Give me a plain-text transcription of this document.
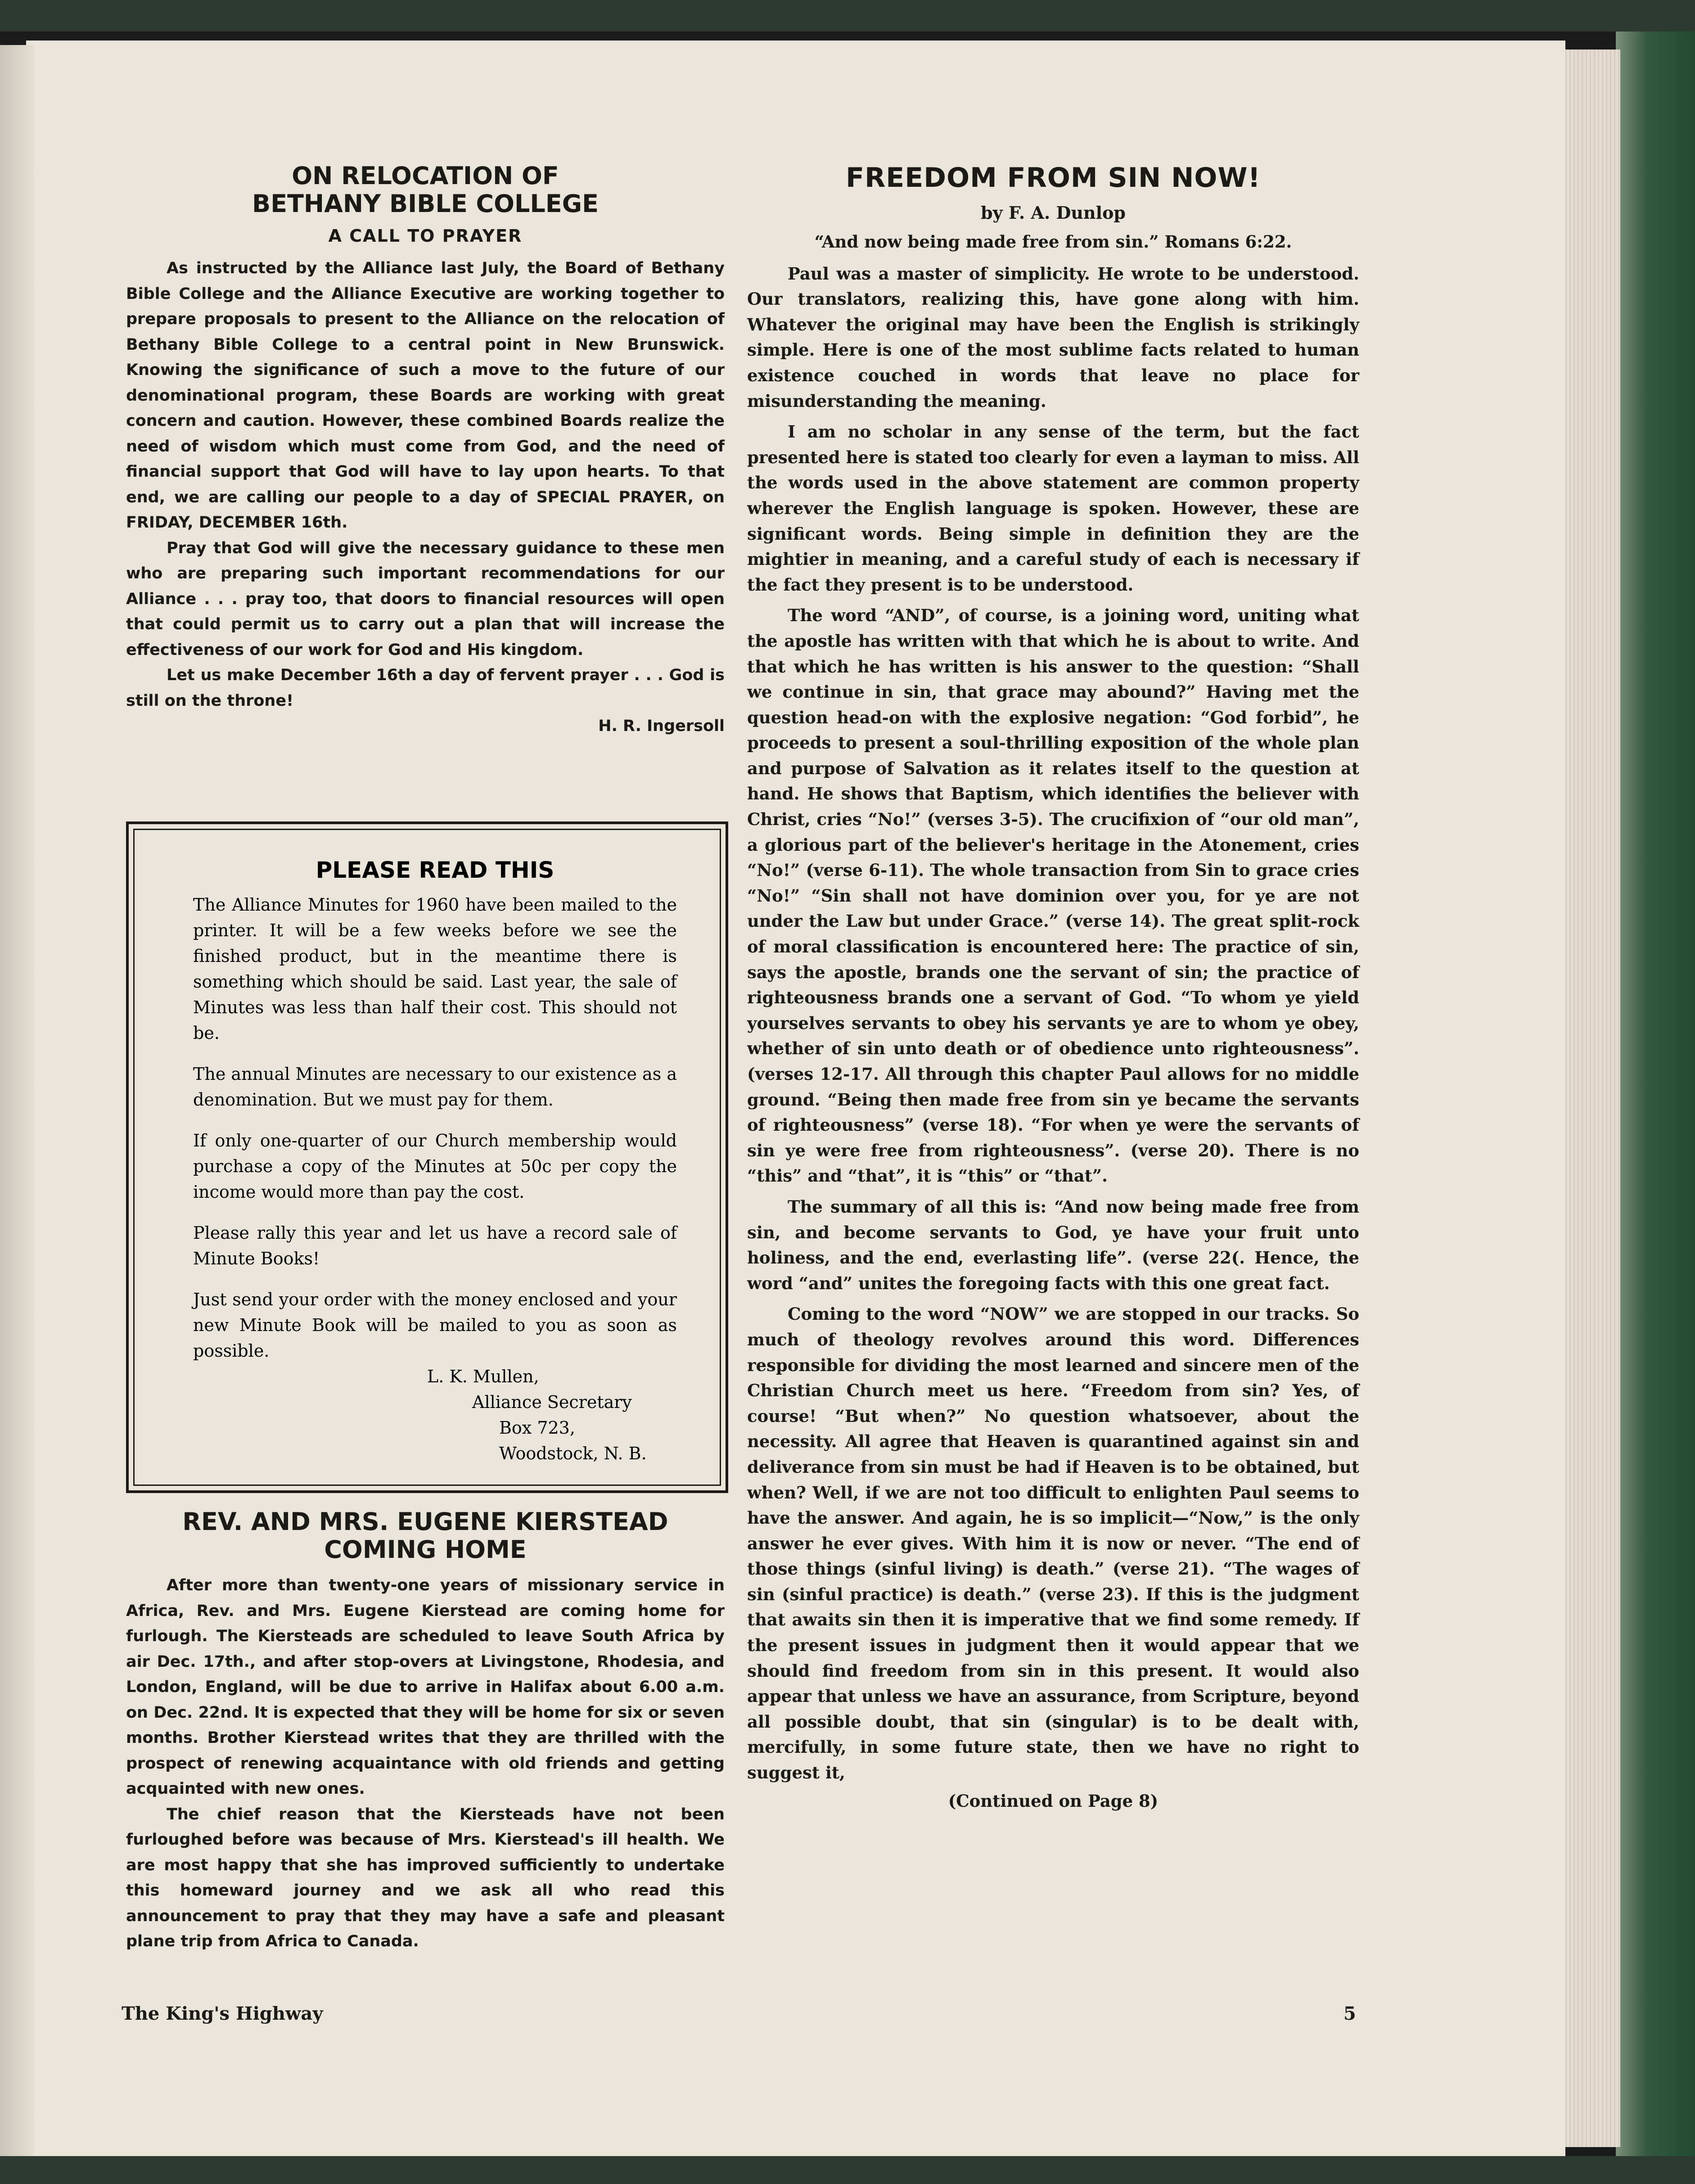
ON RELOCATION OF

BETHANY BIBLE COLLEGE

A CALL TO PRAYER

As instructed by the Alliance last July, the Board of Bethany Bible College and the Alliance Executive are working together to prepare proposals to present to the Alliance on the relocation of Bethany Bible College to a central point in New Brunswick. Knowing the significance of such a move to the future of our denominational program, these Boards are working with great concern and caution. However, these combined Boards realize the need of wisdom which must come from God, and the need of financial support that God will have to lay upon hearts. To that end, we are calling our people to a day of SPECIAL PRAYER, on FRIDAY, DECEMBER 16th.

Pray that God will give the necessary guidance to these men who are preparing such important recommendations for our Alliance . . . pray too, that doors to financial resources will open that could permit us to carry out a plan that will increase the effectiveness of our work for God and His kingdom.

Let us make December 16th a day of fervent prayer . . . God is still on the throne!

H. R. Ingersoll

PLEASE READ THIS

The Alliance Minutes for 1960 have been mailed to the printer. It will be a few weeks before we see the finished product, but in the meantime there is something which should be said. Last year, the sale of Minutes was less than half their cost. This should not be.

The annual Minutes are necessary to our existence as a denomination. But we must pay for them.

If only one-quarter of our Church membership would purchase a copy of the Minutes at 50c per copy the income would more than pay the cost.

Please rally this year and let us have a record sale of Minute Books!

Just send your order with the money enclosed and your new Minute Book will be mailed to you as soon as possible.

L. K. Mullen,

Alliance Secretary

Box 723, Woodstock, N. B.

REV. AND MRS. EUGENE KIERSTEAD

COMING HOME

After more than twenty-one years of missionary service in Africa, Rev. and Mrs. Eugene Kierstead are coming home for furlough. The Kiersteads are scheduled to leave South Africa by air Dec. 17th., and after stop-overs at Livingstone, Rhodesia, and London, England, will be due to arrive in Halifax about 6.00 a.m. on Dec. 22nd. It is expected that they will be home for six or seven months. Brother Kierstead writes that they are thrilled with the prospect of renewing acquaintance with old friends and getting acquainted with new ones.

The chief reason that the Kiersteads have not been furloughed before was because of Mrs. Kierstead's ill health. We are most happy that she has improved sufficiently to undertake this homeward journey and we ask all who read this announcement to pray that they may have a safe and pleasant plane trip from Africa to Canada.

FREEDOM FROM SIN NOW!

by F. A. Dunlop

“And now being made free from sin.” Romans 6:22.

Paul was a master of simplicity. He wrote to be understood. Our translators, realizing this, have gone along with him. Whatever the original may have been the English is strikingly simple. Here is one of the most sublime facts related to human existence couched in words that leave no place for misunderstanding the meaning.

I am no scholar in any sense of the term, but the fact presented here is stated too clearly for even a layman to miss. All the words used in the above statement are common property wherever the English language is spoken. However, these are significant words. Being simple in definition they are the mightier in meaning, and a careful study of each is necessary if the fact they present is to be understood.

The word “AND”, of course, is a joining word, uniting what the apostle has written with that which he is about to write. And that which he has written is his answer to the question: “Shall we continue in sin, that grace may abound?” Having met the question head-on with the explosive negation: “God forbid”, he proceeds to present a soul-thrilling exposition of the whole plan and purpose of Salvation as it relates itself to the question at hand. He shows that Baptism, which identifies the believer with Christ, cries “No!” (verses 3-5). The crucifixion of “our old man”, a glorious part of the believer's heritage in the Atonement, cries “No!” (verse 6-11). The whole transaction from Sin to grace cries “No!” “Sin shall not have dominion over you, for ye are not under the Law but under Grace.” (verse 14). The great split-rock of moral classification is encountered here: The practice of sin, says the apostle, brands one the servant of sin; the practice of righteousness brands one a servant of God. “To whom ye yield yourselves servants to obey his servants ye are to whom ye obey, whether of sin unto death or of obedience unto righteousness”. (verses 12-17. All through this chapter Paul allows for no middle ground. “Being then made free from sin ye became the servants of righteousness” (verse 18). “For when ye were the servants of sin ye were free from righteousness”. (verse 20). There is no “this” and “that”, it is “this” or “that”.

The summary of all this is: “And now being made free from sin, and become servants to God, ye have your fruit unto holiness, and the end, everlasting life”. (verse 22(. Hence, the word “and” unites the foregoing facts with this one great fact.

Coming to the word “NOW” we are stopped in our tracks. So much of theology revolves around this word. Differences responsible for dividing the most learned and sincere men of the Christian Church meet us here. “Freedom from sin? Yes, of course! “But when?” No question whatsoever, about the necessity. All agree that Heaven is quarantined against sin and deliverance from sin must be had if Heaven is to be obtained, but when? Well, if we are not too difficult to enlighten Paul seems to have the answer. And again, he is so implicit—“Now,” is the only answer he ever gives. With him it is now or never. “The end of those things (sinful living) is death.” (verse 21). “The wages of sin (sinful practice) is death.” (verse 23). If this is the judgment that awaits sin then it is imperative that we find some remedy. If the present issues in judgment then it would appear that we should find freedom from sin in this present. It would also appear that unless we have an assurance, from Scripture, beyond all possible doubt, that sin (singular) is to be dealt with, mercifully, in some future state, then we have no right to suggest it,

(Continued on Page 8)

The King's Highway	5
